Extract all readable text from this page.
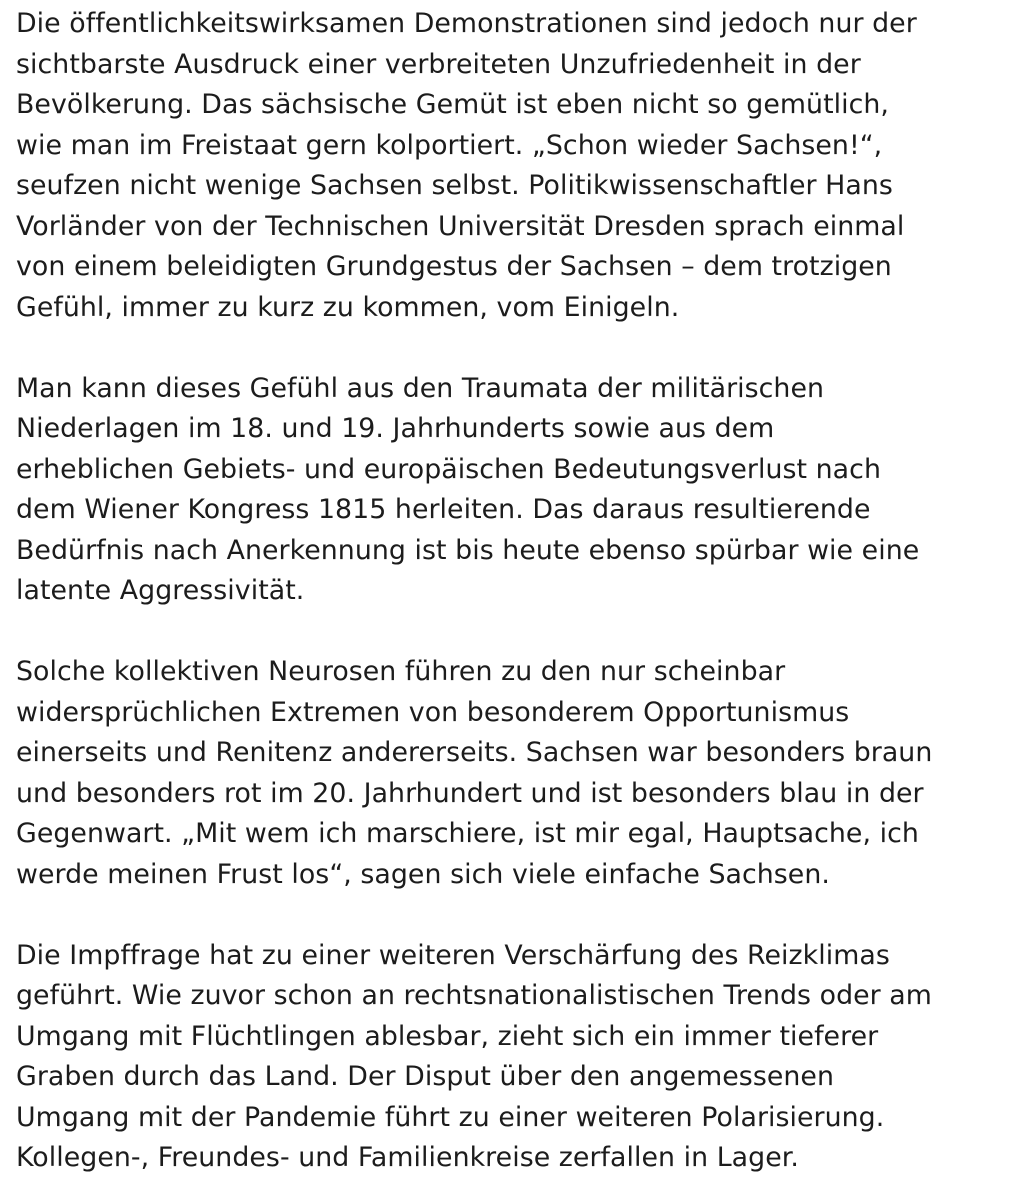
Die öffentlichkeitswirksamen Demonstrationen sind jedoch nur der
sichtbarste Ausdruck einer verbreiteten Unzufriedenheit in der
Bevölkerung. Das sächsische Gemüt ist eben nicht so gemütlich,
wie man im Freistaat gern kolportiert. „Schon wieder Sachsen!“,
seufzen nicht wenige Sachsen selbst. Politikwissenschaftler Hans
Vorländer von der Technischen Universität Dresden sprach einmal
von einem beleidigten Grundgestus der Sachsen – dem trotzigen
Gefühl, immer zu kurz zu kommen, vom Einigeln.

Man kann dieses Gefühl aus den Traumata der militärischen
Niederlagen im 18. und 19. Jahrhunderts sowie aus dem
erheblichen Gebiets- und europäischen Bedeutungsverlust nach
dem Wiener Kongress 1815 herleiten. Das daraus resultierende
Bedürfnis nach Anerkennung ist bis heute ebenso spürbar wie eine
latente Aggressivität.

Solche kollektiven Neurosen führen zu den nur scheinbar
widersprüchlichen Extremen von besonderem Opportunismus
einerseits und Renitenz andererseits. Sachsen war besonders braun
und besonders rot im 20. Jahrhundert und ist besonders blau in der
Gegenwart. „Mit wem ich marschiere, ist mir egal, Hauptsache, ich
werde meinen Frust los“, sagen sich viele einfache Sachsen.

Die Impffrage hat zu einer weiteren Verschärfung des Reizklimas
geführt. Wie zuvor schon an rechtsnationalistischen Trends oder am
Umgang mit Flüchtlingen ablesbar, zieht sich ein immer tieferer
Graben durch das Land. Der Disput über den angemessenen
Umgang mit der Pandemie führt zu einer weiteren Polarisierung.
Kollegen-, Freundes- und Familienkreise zerfallen in Lager.
